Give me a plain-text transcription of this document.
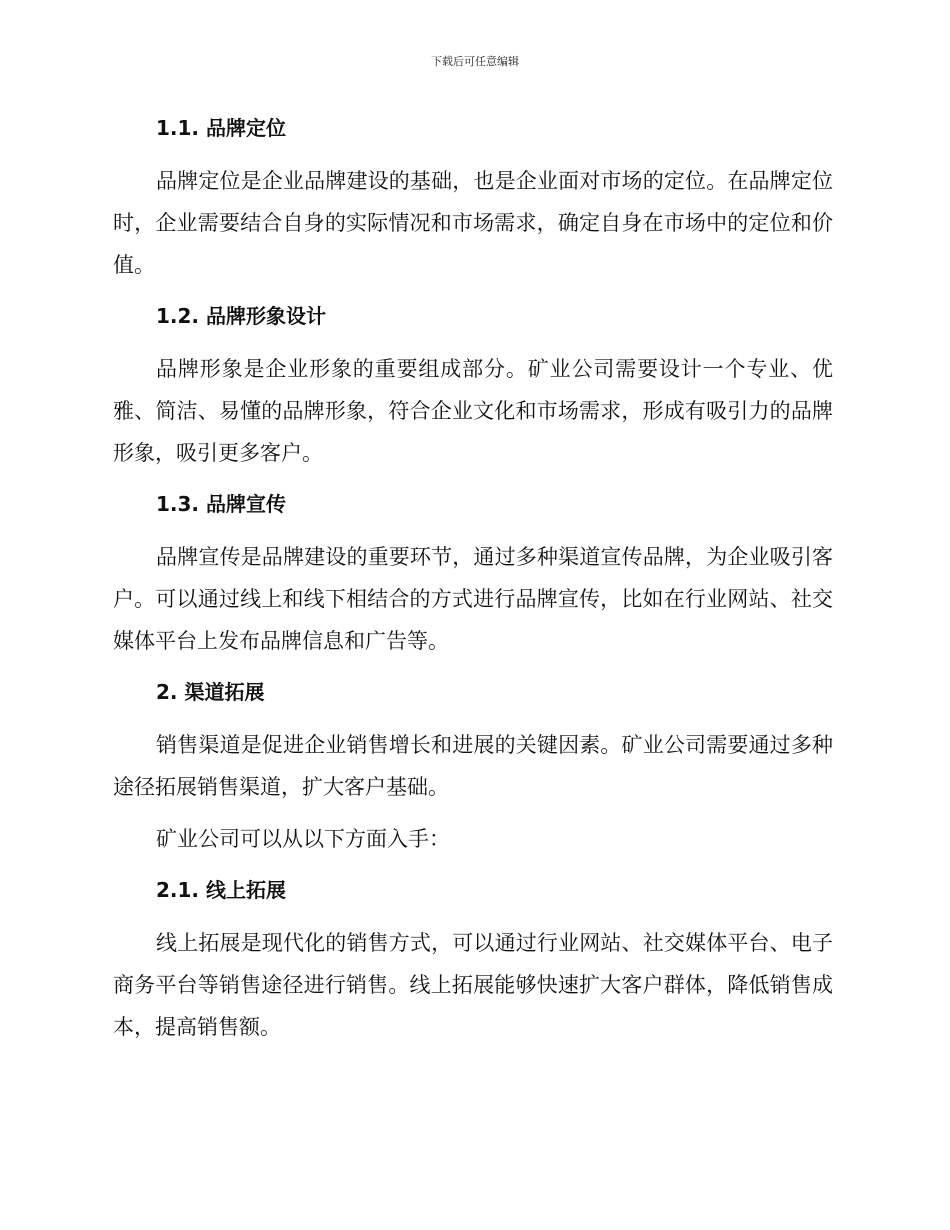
下载后可任意编辑
1.1. 品牌定位

品牌定位是企业品牌建设的基础，也是企业面对市场的定位。在品牌定位时，企业需要结合自身的实际情况和市场需求，确定自身在市场中的定位和价值。

1.2. 品牌形象设计

品牌形象是企业形象的重要组成部分。矿业公司需要设计一个专业、优雅、简洁、易懂的品牌形象，符合企业文化和市场需求，形成有吸引力的品牌形象，吸引更多客户。

1.3. 品牌宣传

品牌宣传是品牌建设的重要环节，通过多种渠道宣传品牌，为企业吸引客户。可以通过线上和线下相结合的方式进行品牌宣传，比如在行业网站、社交媒体平台上发布品牌信息和广告等。

2. 渠道拓展

销售渠道是促进企业销售增长和进展的关键因素。矿业公司需要通过多种途径拓展销售渠道，扩大客户基础。

矿业公司可以从以下方面入手：

2.1. 线上拓展

线上拓展是现代化的销售方式，可以通过行业网站、社交媒体平台、电子商务平台等销售途径进行销售。线上拓展能够快速扩大客户群体，降低销售成本，提高销售额。
